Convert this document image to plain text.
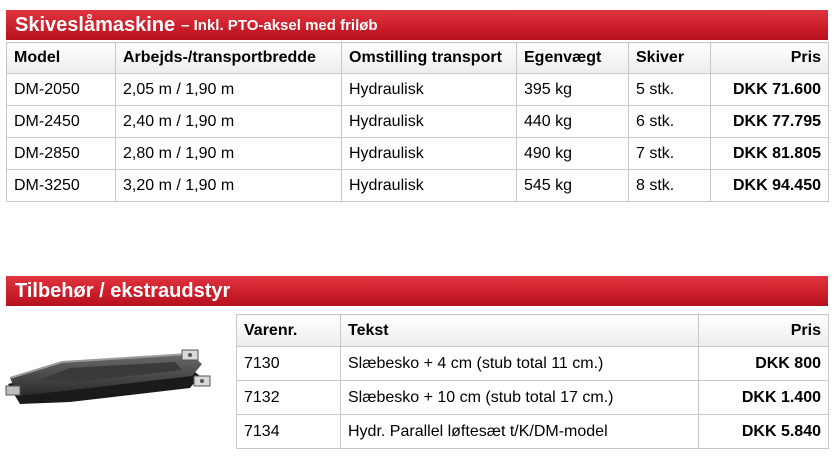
Skiveslåmaskine – Inkl. PTO-aksel med friløb
Model	Arbejds-/transportbredde	Omstilling transport	Egenvægt	Skiver	Pris
DM-2050	2,05 m / 1,90 m	Hydraulisk	395 kg	5 stk.	DKK 71.600
DM-2450	2,40 m / 1,90 m	Hydraulisk	440 kg	6 stk.	DKK 77.795
DM-2850	2,80 m / 1,90 m	Hydraulisk	490 kg	7 stk.	DKK 81.805
DM-3250	3,20 m / 1,90 m	Hydraulisk	545 kg	8 stk.	DKK 94.450
Tilbehør / ekstraudstyr
Varenr.	Tekst	Pris
7130	Slæbesko + 4 cm (stub total 11 cm.)	DKK 800
7132	Slæbesko + 10 cm (stub total 17 cm.)	DKK 1.400
7134	Hydr. Parallel løftesæt t/K/DM-model	DKK 5.840
